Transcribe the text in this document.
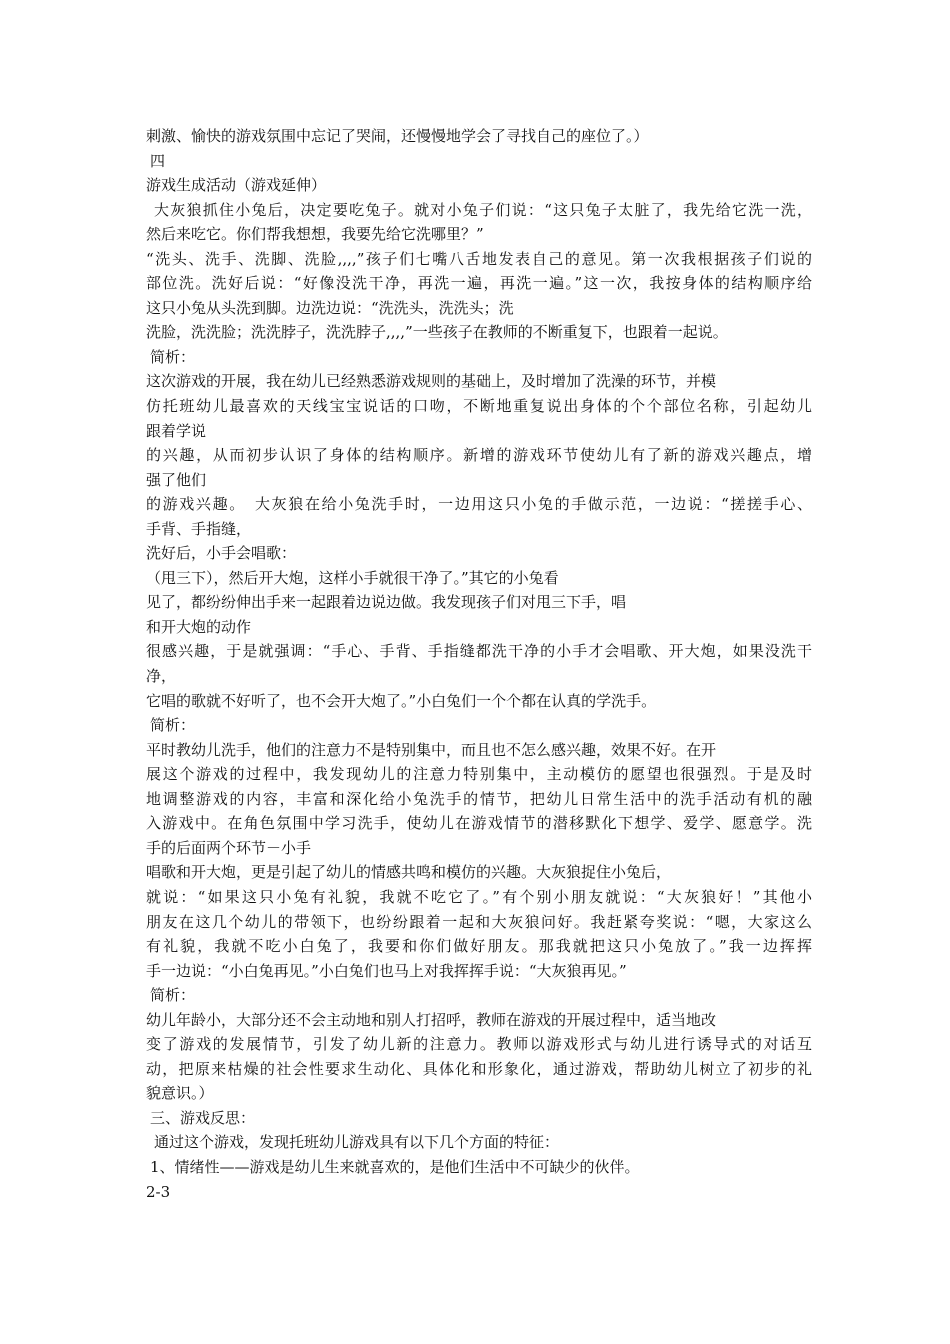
刺激、愉快的游戏氛围中忘记了哭闹，还慢慢地学会了寻找自己的座位了。）
四
游戏生成活动（游戏延伸）
大灰狼抓住小兔后，决定要吃兔子。就对小兔子们说：“这只兔子太脏了，我先给它洗一洗，
然后来吃它。你们帮我想想，我要先给它洗哪里？”
“洗头、洗手、洗脚、洗脸,,,,”孩子们七嘴八舌地发表自己的意见。第一次我根据孩子们说的
部位洗。洗好后说：“好像没洗干净，再洗一遍，再洗一遍。”这一次，我按身体的结构顺序给
这只小兔从头洗到脚。边洗边说：“洗洗头，洗洗头；洗
洗脸，洗洗脸；洗洗脖子，洗洗脖子,,,,”一些孩子在教师的不断重复下，也跟着一起说。
简析：
这次游戏的开展，我在幼儿已经熟悉游戏规则的基础上，及时增加了洗澡的环节，并模
仿托班幼儿最喜欢的天线宝宝说话的口吻，不断地重复说出身体的个个部位名称，引起幼儿
跟着学说
的兴趣，从而初步认识了身体的结构顺序。新增的游戏环节使幼儿有了新的游戏兴趣点，增
强了他们
的游戏兴趣。　大灰狼在给小兔洗手时，一边用这只小兔的手做示范，一边说：“搓搓手心、
手背、手指缝，
洗好后，小手会唱歌：
（甩三下），然后开大炮，这样小手就很干净了。”其它的小兔看
见了，都纷纷伸出手来一起跟着边说边做。我发现孩子们对甩三下手，唱
和开大炮的动作
很感兴趣，于是就强调：“手心、手背、手指缝都洗干净的小手才会唱歌、开大炮，如果没洗干
净，
它唱的歌就不好听了，也不会开大炮了。”小白兔们一个个都在认真的学洗手。
简析：
平时教幼儿洗手，他们的注意力不是特别集中，而且也不怎么感兴趣，效果不好。在开
展这个游戏的过程中，我发现幼儿的注意力特别集中，主动模仿的愿望也很强烈。于是及时
地调整游戏的内容，丰富和深化给小兔洗手的情节，把幼儿日常生活中的洗手活动有机的融
入游戏中。在角色氛围中学习洗手，使幼儿在游戏情节的潜移默化下想学、爱学、愿意学。洗
手的后面两个环节－小手
唱歌和开大炮，更是引起了幼儿的情感共鸣和模仿的兴趣。大灰狼捉住小兔后，
就说：“如果这只小兔有礼貌，我就不吃它了。”有个别小朋友就说：“大灰狼好！”其他小
朋友在这几个幼儿的带领下，也纷纷跟着一起和大灰狼问好。我赶紧夸奖说：“嗯，大家这么
有礼貌，我就不吃小白兔了，我要和你们做好朋友。那我就把这只小兔放了。”我一边挥挥
手一边说：“小白兔再见。”小白兔们也马上对我挥挥手说：“大灰狼再见。”
简析：
幼儿年龄小，大部分还不会主动地和别人打招呼，教师在游戏的开展过程中，适当地改
变了游戏的发展情节，引发了幼儿新的注意力。教师以游戏形式与幼儿进行诱导式的对话互
动，把原来枯燥的社会性要求生动化、具体化和形象化，通过游戏，帮助幼儿树立了初步的礼
貌意识。）
三、游戏反思：
通过这个游戏，发现托班幼儿游戏具有以下几个方面的特征：
1、情绪性——游戏是幼儿生来就喜欢的，是他们生活中不可缺少的伙伴。
2-3
